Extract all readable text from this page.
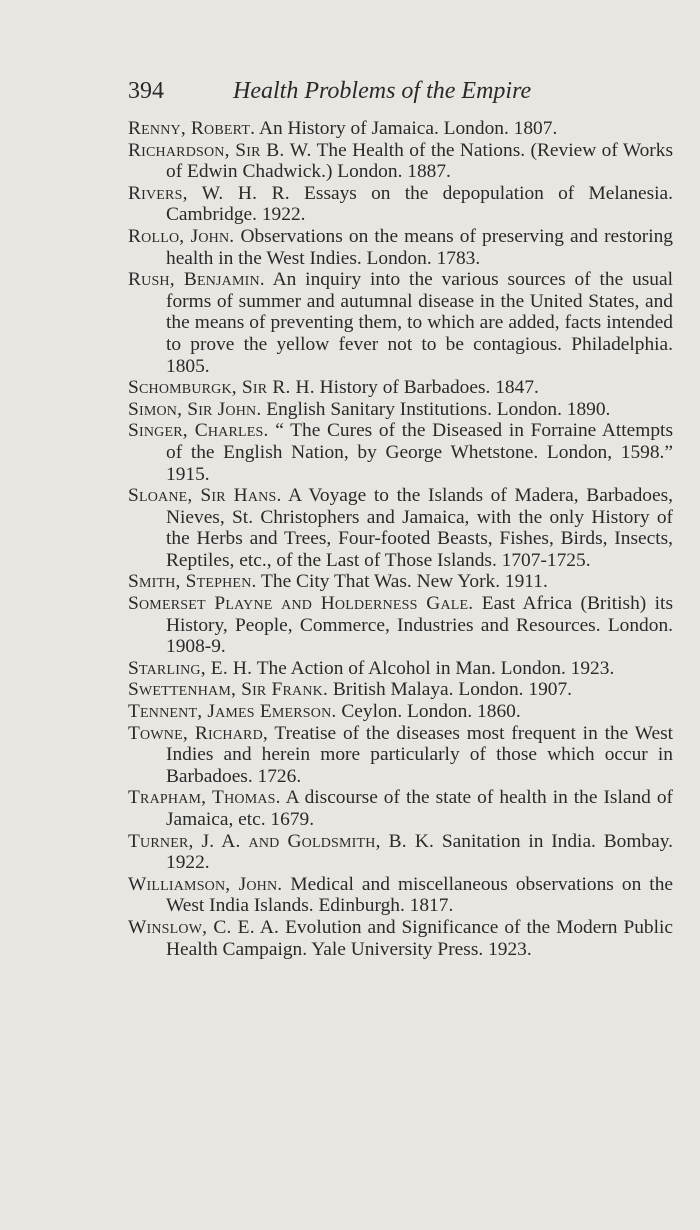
394	Health Problems of the Empire

Renny, Robert. An History of Jamaica. London. 1807.

Richardson, Sir B. W. The Health of the Nations. (Review of Works of Edwin Chadwick.) London. 1887.

Rivers, W. H. R. Essays on the depopulation of Melanesia. Cambridge. 1922.

Rollo, John. Observations on the means of preserving and restoring health in the West Indies. London. 1783.

Rush, Benjamin. An inquiry into the various sources of the usual forms of summer and autumnal disease in the United States, and the means of preventing them, to which are added, facts intended to prove the yellow fever not to be contagious. Philadelphia. 1805.

Schomburgk, Sir R. H. History of Barbadoes. 1847.

Simon, Sir John. English Sanitary Institutions. London. 1890.

Singer, Charles. “ The Cures of the Diseased in Forraine Attempts of the English Nation, by George Whetstone. London, 1598.” 1915.

Sloane, Sir Hans. A Voyage to the Islands of Madera, Barbadoes, Nieves, St. Christophers and Jamaica, with the only History of the Herbs and Trees, Four-footed Beasts, Fishes, Birds, Insects, Reptiles, etc., of the Last of Those Islands. 1707-1725.

Smith, Stephen. The City That Was. New York. 1911.

Somerset Playne and Holderness Gale. East Africa (British) its History, People, Commerce, Industries and Resources. London. 1908-9.

Starling, E. H. The Action of Alcohol in Man. London. 1923.

Swettenham, Sir Frank. British Malaya. London. 1907.

Tennent, James Emerson. Ceylon. London. 1860.

Towne, Richard, Treatise of the diseases most frequent in the West Indies and herein more particularly of those which occur in Barbadoes. 1726.

Trapham, Thomas. A discourse of the state of health in the Island of Jamaica, etc. 1679.

Turner, J. A. and Goldsmith, B. K. Sanitation in India. Bombay. 1922.

Williamson, John. Medical and miscellaneous observations on the West India Islands. Edinburgh. 1817.

Winslow, C. E. A. Evolution and Significance of the Modern Public Health Campaign. Yale University Press. 1923.
